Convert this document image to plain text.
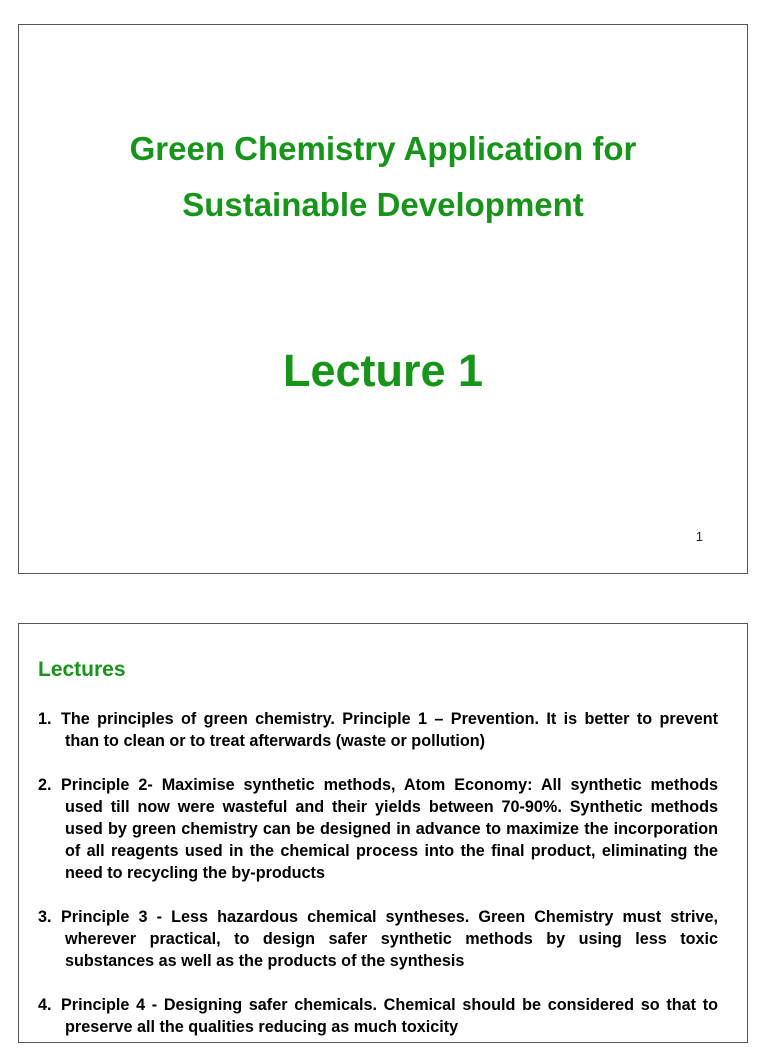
Green Chemistry Application for
Sustainable Development
Lecture 1
1
Lectures
1. The principles of green chemistry. Principle 1 – Prevention. It is better to prevent than to clean or to treat afterwards (waste or pollution)
2. Principle 2- Maximise synthetic methods, Atom Economy: All synthetic methods used till now were wasteful and their yields between 70-90%. Synthetic methods used by green chemistry can be designed in advance to maximize the incorporation of all reagents used in the chemical process into the final product, eliminating the need to recycling the by-products
3. Principle 3 - Less hazardous chemical syntheses. Green Chemistry must strive, wherever practical, to design safer synthetic methods by using less toxic substances as well as the products of the synthesis
4. Principle 4 - Designing safer chemicals. Chemical should be considered so that to preserve all the qualities reducing as much toxicity
